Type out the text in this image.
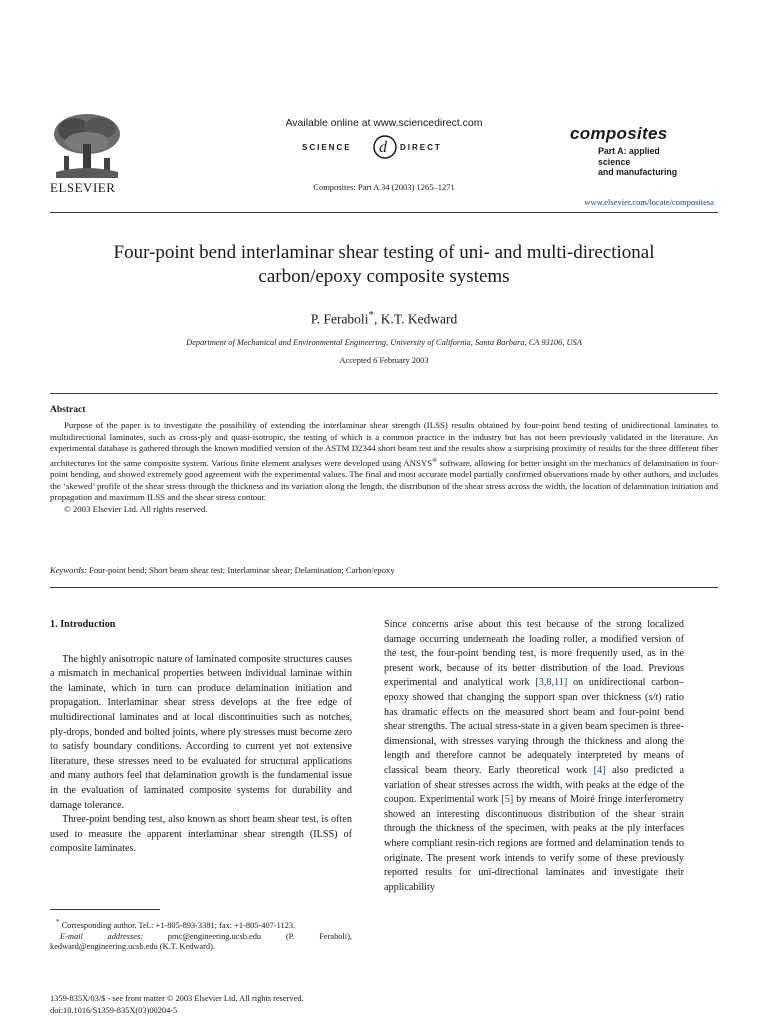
ELSEVIER
Available online at www.sciencedirect.com
SCIENCE d DIRECT
Composites: Part A 34 (2003) 1265–1271
composites
Part A: applied science
and manufacturing
www.elsevier.com/locate/compositesa
Four-point bend interlaminar shear testing of uni- and multi-directional
carbon/epoxy composite systems
P. Feraboli*, K.T. Kedward
Department of Mechanical and Environmental Engineering, University of California, Santa Barbara, CA 93106, USA
Accepted 6 February 2003
Abstract

Purpose of the paper is to investigate the possibility of extending the interlaminar shear strength (ILSS) results obtained by four-point bend testing of unidirectional laminates to multidirectional laminates, such as cross-ply and quasi-isotropic, the testing of which is a common practice in the industry but has not been previously validated in the literature. An experimental database is gathered through the known modified version of the ASTM D2344 short beam test and the results show a surprising proximity of results for the three different fiber architectures for the same composite system. Various finite element analyses were developed using ANSYS® software, allowing for better insight on the mechanics of delamination in four-point bending, and showed extremely good agreement with the experimental values. The final and most accurate model partially confirmed observations made by other authors, and includes the ‘skewed’ profile of the shear stress through the thickness and its variation along the length, the distribution of the shear stress across the width, the location of delamination initiation and propagation and maximum ILSS and the shear stress contour.

© 2003 Elsevier Ltd. All rights reserved.

Keywords: Four-point bend; Short beam shear test; Interlaminar shear; Delamination; Carbon/epoxy

1. Introduction

The highly anisotropic nature of laminated composite structures causes a mismatch in mechanical properties between individual laminae within the laminate, which in turn can produce delamination initiation and propagation. Interlaminar shear stress develops at the free edge of multidirectional laminates and at local discontinuities such as notches, ply-drops, bonded and bolted joints, where ply stresses must become zero to satisfy boundary conditions. According to current yet not extensive literature, these stresses need to be evaluated for structural applications and many authors feel that delamination growth is the fundamental issue in the evaluation of laminated composite systems for durability and damage tolerance.

Three-point bending test, also known as short beam shear test, is often used to measure the apparent interlaminar shear strength (ILSS) of composite laminates.

* Corresponding author. Tel.: +1-805-893-3381; fax: +1-805-407-1123.

E-mail addresses: pmc@engineering.ucsb.edu (P. Feraboli), kedward@engineering.ucsb.edu (K.T. Kedward).

1359-835X/03/$ - see front matter © 2003 Elsevier Ltd. All rights reserved.
doi:10.1016/S1359-835X(03)00204-5

Since concerns arise about this test because of the strong localized damage occurring underneath the loading roller, a modified version of the test, the four-point bending test, is more frequently used, as in the present work, because of its better distribution of the load. Previous experimental and analytical work [3,8,11] on unidirectional carbon–epoxy showed that changing the support span over thickness (s/t) ratio has dramatic effects on the measured short beam and four-point bend shear strengths. The actual stress-state in a given beam specimen is three-dimensional, with stresses varying through the thickness and along the length and therefore cannot be adequately interpreted by means of classical beam theory. Early theoretical work [4] also predicted a variation of shear stresses across the width, with peaks at the edge of the coupon. Experimental work [5] by means of Moiré fringe interferometry showed an interesting discontinuous distribution of the shear strain through the thickness of the specimen, with peaks at the ply interfaces where compliant resin-rich regions are formed and delamination tends to originate. The present work intends to verify some of these previously reported results for uni-directional laminates and investigate their applicability
